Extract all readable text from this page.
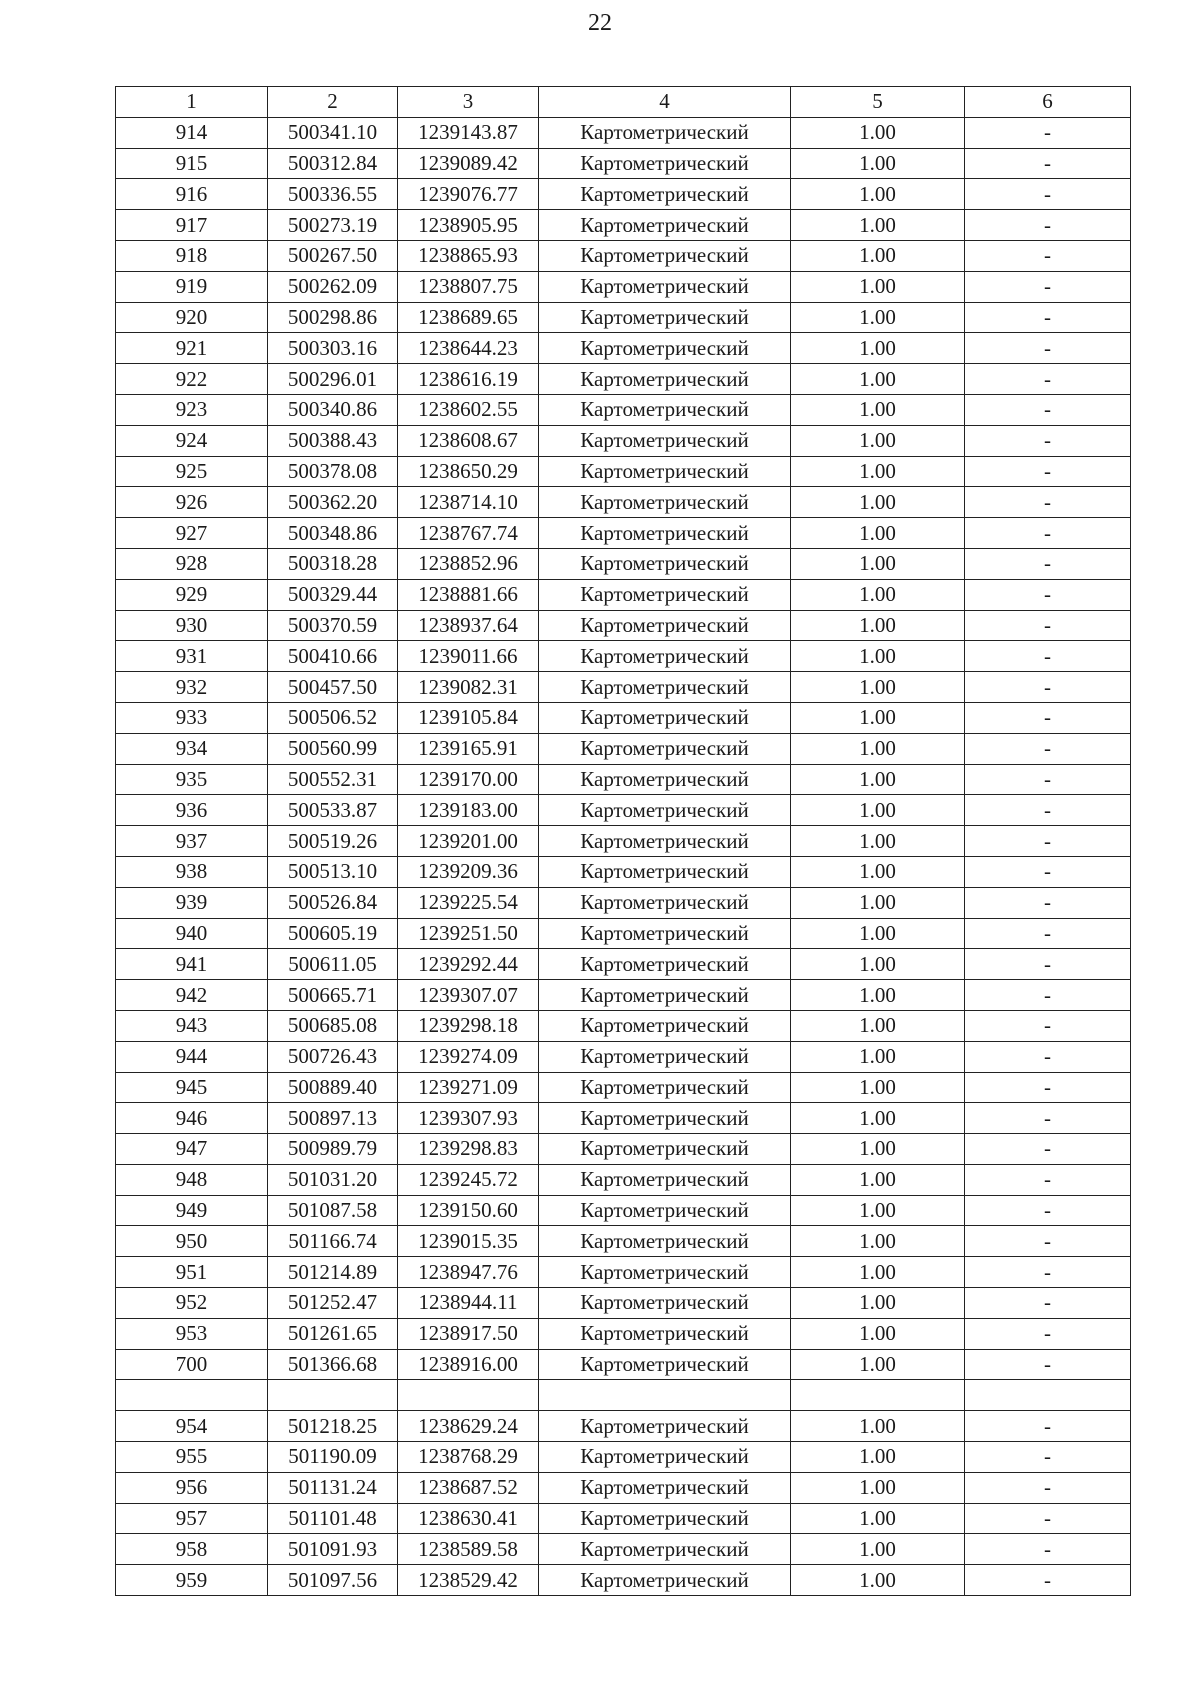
22
1	2	3	4	5	6
914	500341.10	1239143.87	Картометрический	1.00	-
915	500312.84	1239089.42	Картометрический	1.00	-
916	500336.55	1239076.77	Картометрический	1.00	-
917	500273.19	1238905.95	Картометрический	1.00	-
918	500267.50	1238865.93	Картометрический	1.00	-
919	500262.09	1238807.75	Картометрический	1.00	-
920	500298.86	1238689.65	Картометрический	1.00	-
921	500303.16	1238644.23	Картометрический	1.00	-
922	500296.01	1238616.19	Картометрический	1.00	-
923	500340.86	1238602.55	Картометрический	1.00	-
924	500388.43	1238608.67	Картометрический	1.00	-
925	500378.08	1238650.29	Картометрический	1.00	-
926	500362.20	1238714.10	Картометрический	1.00	-
927	500348.86	1238767.74	Картометрический	1.00	-
928	500318.28	1238852.96	Картометрический	1.00	-
929	500329.44	1238881.66	Картометрический	1.00	-
930	500370.59	1238937.64	Картометрический	1.00	-
931	500410.66	1239011.66	Картометрический	1.00	-
932	500457.50	1239082.31	Картометрический	1.00	-
933	500506.52	1239105.84	Картометрический	1.00	-
934	500560.99	1239165.91	Картометрический	1.00	-
935	500552.31	1239170.00	Картометрический	1.00	-
936	500533.87	1239183.00	Картометрический	1.00	-
937	500519.26	1239201.00	Картометрический	1.00	-
938	500513.10	1239209.36	Картометрический	1.00	-
939	500526.84	1239225.54	Картометрический	1.00	-
940	500605.19	1239251.50	Картометрический	1.00	-
941	500611.05	1239292.44	Картометрический	1.00	-
942	500665.71	1239307.07	Картометрический	1.00	-
943	500685.08	1239298.18	Картометрический	1.00	-
944	500726.43	1239274.09	Картометрический	1.00	-
945	500889.40	1239271.09	Картометрический	1.00	-
946	500897.13	1239307.93	Картометрический	1.00	-
947	500989.79	1239298.83	Картометрический	1.00	-
948	501031.20	1239245.72	Картометрический	1.00	-
949	501087.58	1239150.60	Картометрический	1.00	-
950	501166.74	1239015.35	Картометрический	1.00	-
951	501214.89	1238947.76	Картометрический	1.00	-
952	501252.47	1238944.11	Картометрический	1.00	-
953	501261.65	1238917.50	Картометрический	1.00	-
700	501366.68	1238916.00	Картометрический	1.00	-

954	501218.25	1238629.24	Картометрический	1.00	-
955	501190.09	1238768.29	Картометрический	1.00	-
956	501131.24	1238687.52	Картометрический	1.00	-
957	501101.48	1238630.41	Картометрический	1.00	-
958	501091.93	1238589.58	Картометрический	1.00	-
959	501097.56	1238529.42	Картометрический	1.00	-
